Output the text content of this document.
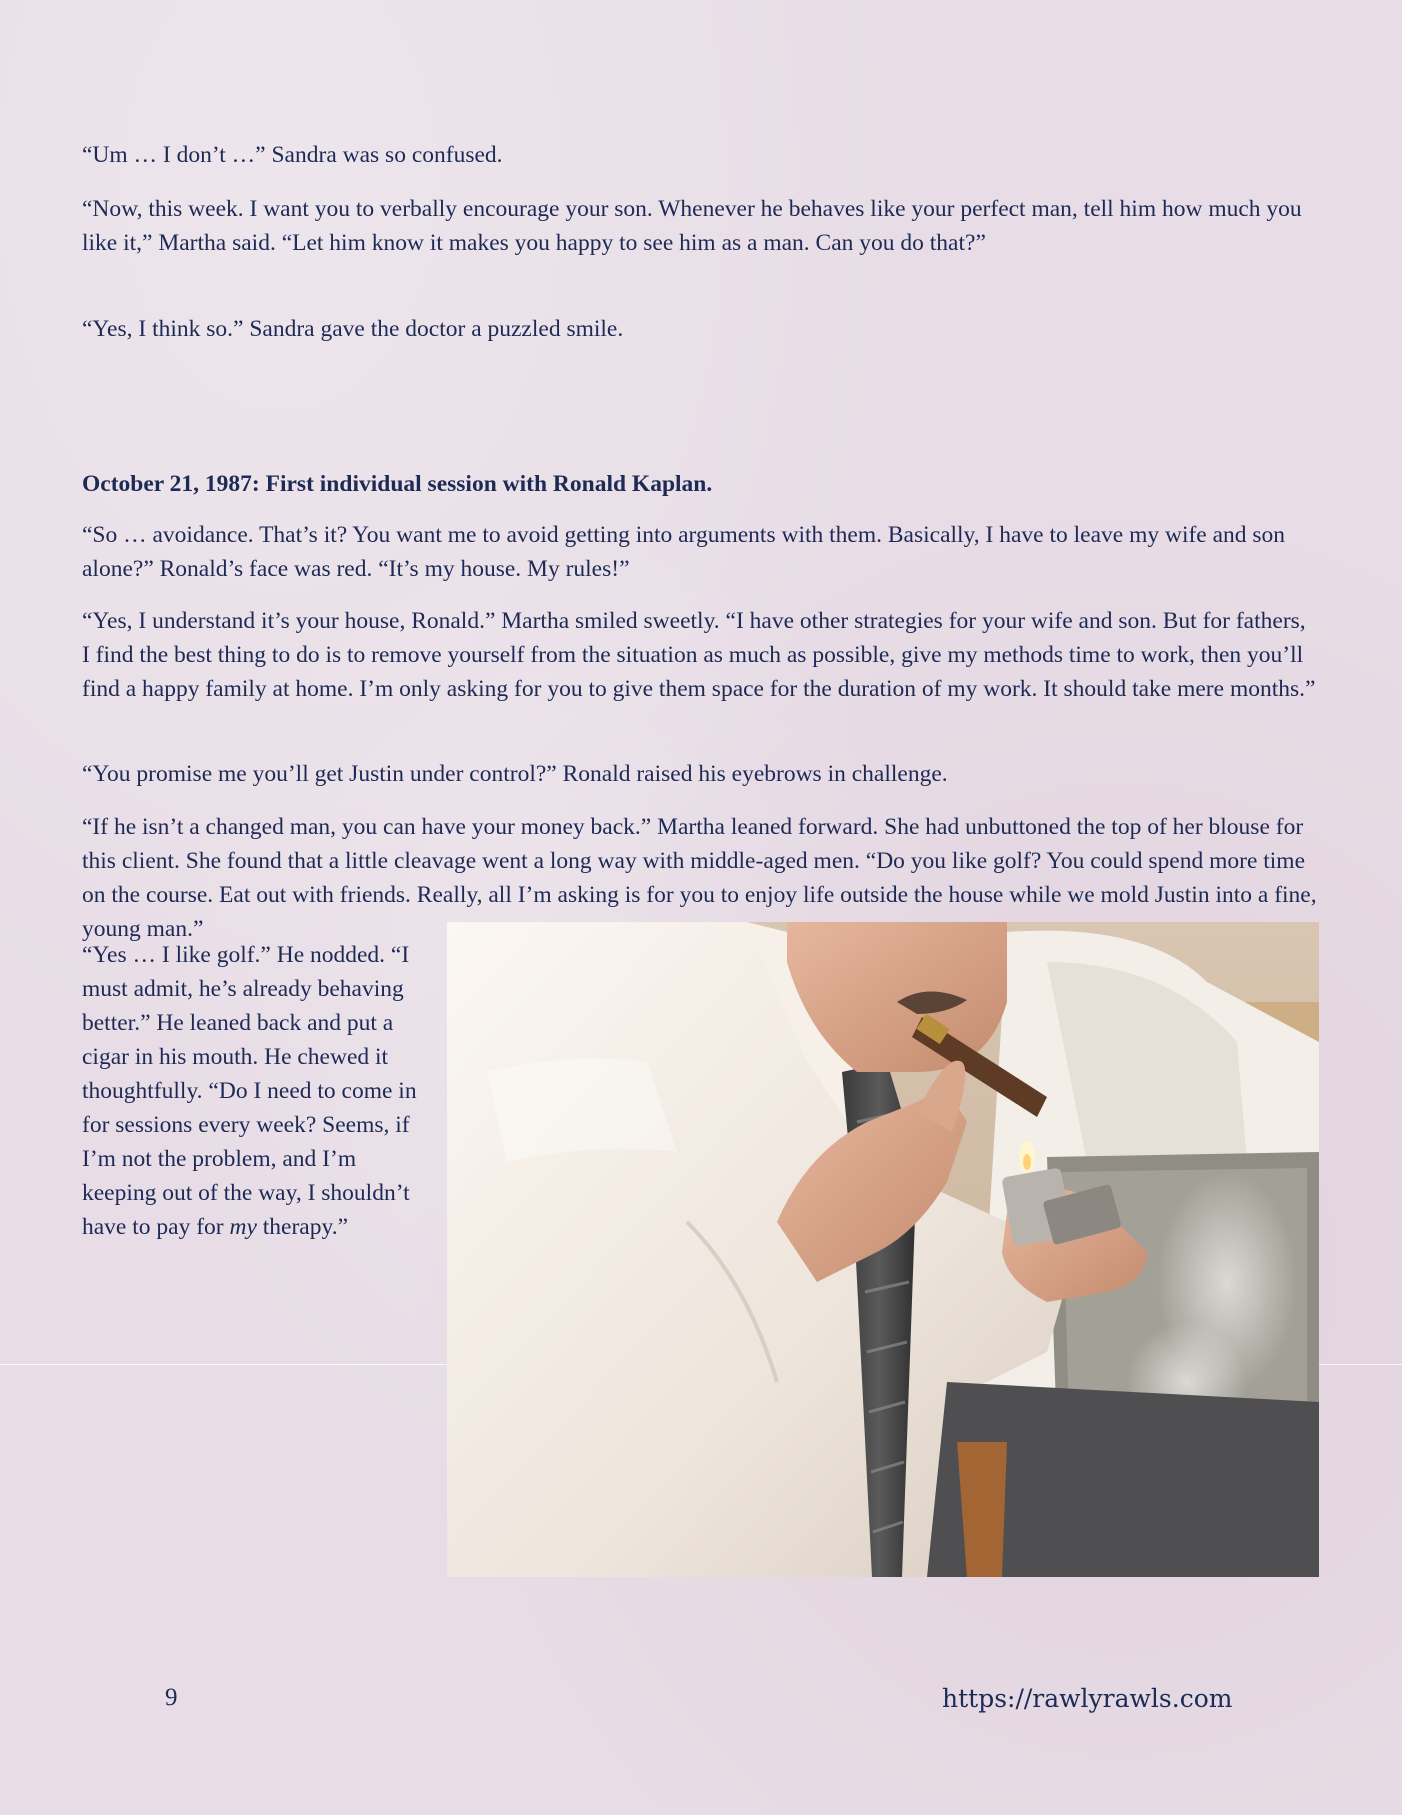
“Um … I don’t …” Sandra was so confused.

“Now, this week. I want you to verbally encourage your son. Whenever he behaves like your perfect man, tell him how much you like it,” Martha said. “Let him know it makes you happy to see him as a man. Can you do that?”

“Yes, I think so.” Sandra gave the doctor a puzzled smile.

October 21, 1987: First individual session with Ronald Kaplan.

“So … avoidance. That’s it? You want me to avoid getting into arguments with them. Basically, I have to leave my wife and son alone?” Ronald’s face was red. “It’s my house. My rules!”

“Yes, I understand it’s your house, Ronald.” Martha smiled sweetly. “I have other strategies for your wife and son. But for fathers, I find the best thing to do is to remove yourself from the situation as much as possible, give my methods time to work, then you’ll find a happy family at home. I’m only asking for you to give them space for the duration of my work. It should take mere months.”

“You promise me you’ll get Justin under control?” Ronald raised his eyebrows in challenge.

“If he isn’t a changed man, you can have your money back.” Martha leaned forward. She had unbuttoned the top of her blouse for this client. She found that a little cleavage went a long way with middle-aged men. “Do you like golf? You could spend more time on the course. Eat out with friends. Really, all I’m asking is for you to enjoy life outside the house while we mold Justin into a fine, young man.”

“Yes … I like golf.” He nodded. “I must admit, he’s already behaving better.” He leaned back and put a cigar in his mouth. He chewed it thoughtfully. “Do I need to come in for sessions every week? Seems, if I’m not the problem, and I’m keeping out of the way, I shouldn’t have to pay for my therapy.”

9	https://rawlyrawls.com
